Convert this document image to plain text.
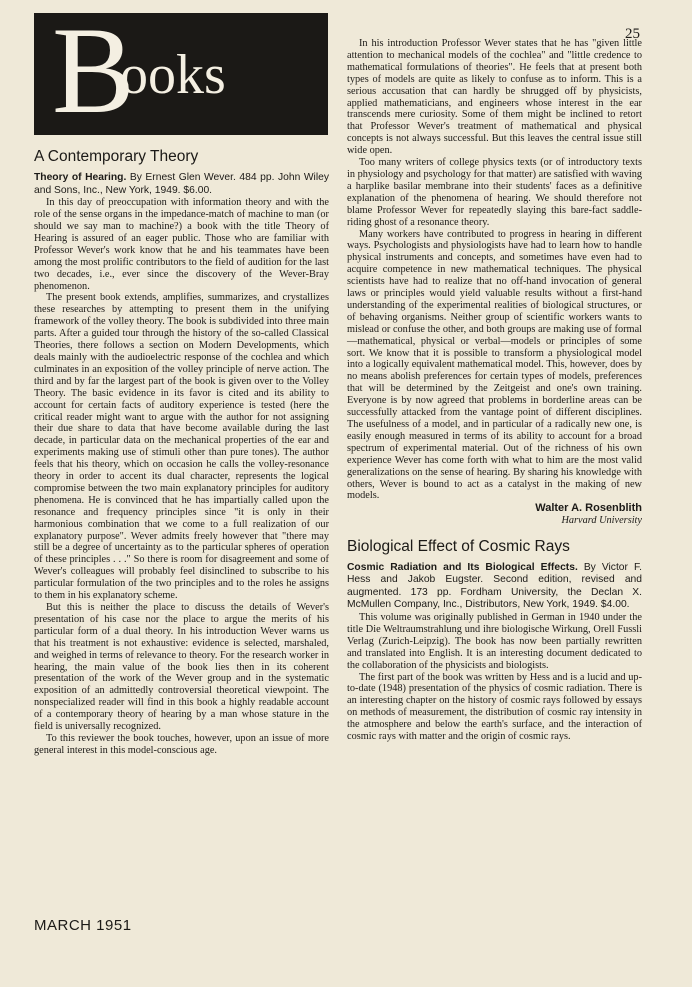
B
ooks
25
A Contemporary Theory

Theory of Hearing. By Ernest Glen Wever. 484 pp. John Wiley and Sons, Inc., New York, 1949. $6.00.

In this day of preoccupation with information theory and with the role of the sense organs in the impedance-match of machine to man (or should we say man to machine?) a book with the title Theory of Hearing is assured of an eager public. Those who are familiar with Professor Wever's work know that he and his teammates have been among the most prolific contributors to the field of audition for the last two decades, i.e., ever since the discovery of the Wever-Bray phenomenon.

The present book extends, amplifies, summarizes, and crystallizes these researches by attempting to present them in the unifying framework of the volley theory. The book is subdivided into three main parts. After a guided tour through the history of the so-called Classical Theories, there follows a section on Modern Developments, which deals mainly with the audioelectric response of the cochlea and which culminates in an exposition of the volley principle of nerve action. The third and by far the largest part of the book is given over to the Volley Theory. The basic evidence in its favor is cited and its ability to account for certain facts of auditory experience is tested (here the critical reader might want to argue with the author for not assigning their due share to data that have become available during the last decade, in particular data on the mechanical properties of the ear and experiments making use of stimuli other than pure tones). The author feels that his theory, which on occasion he calls the volley-resonance theory in order to accent its dual character, represents the logical compromise between the two main explanatory principles for auditory phenomena. He is convinced that he has impartially called upon the resonance and frequency principles since "it is only in their harmonious combination that we come to a full realization of our explanatory purpose". Wever admits freely however that "there may still be a degree of uncertainty as to the particular spheres of operation of these principles . . ." So there is room for disagreement and some of Wever's colleagues will probably feel disinclined to subscribe to his particular formulation of the two principles and to the roles he assigns to them in his explanatory scheme.

But this is neither the place to discuss the details of Wever's presentation of his case nor the place to argue the merits of his particular form of a dual theory. In his introduction Wever warns us that his treatment is not exhaustive: evidence is selected, marshaled, and weighed in terms of relevance to theory. For the research worker in hearing, the main value of the book lies then in its coherent presentation of the work of the Wever group and in the systematic exposition of an admittedly controversial theoretical viewpoint. The nonspecialized reader will find in this book a highly readable account of a contemporary theory of hearing by a man whose stature in the field is universally recognized.

To this reviewer the book touches, however, upon an issue of more general interest in this model-conscious age.

In his introduction Professor Wever states that he has "given little attention to mechanical models of the cochlea" and "little credence to mathematical formulations of theories". He feels that at present both types of models are quite as likely to confuse as to inform. This is a serious accusation that can hardly be shrugged off by physicists, applied mathematicians, and engineers whose interest in the ear transcends mere curiosity. Some of them might be inclined to retort that Professor Wever's treatment of mathematical and physical concepts is not always successful. But this leaves the central issue still wide open.

Too many writers of college physics texts (or of introductory texts in physiology and psychology for that matter) are satisfied with waving a harplike basilar membrane into their students' faces as a definitive explanation of the phenomena of hearing. We should therefore not blame Professor Wever for repeatedly slaying this bare-fact saddle-riding ghost of a resonance theory.

Many workers have contributed to progress in hearing in different ways. Psychologists and physiologists have had to learn how to handle physical instruments and concepts, and sometimes have even had to acquire competence in new mathematical techniques. The physical scientists have had to realize that no off-hand invocation of general laws or principles would yield valuable results without a first-hand understanding of the experimental realities of biological structures, or of behaving organisms. Neither group of scientific workers wants to mislead or confuse the other, and both groups are making use of formal—mathematical, physical or verbal—models or principles of some sort. We know that it is possible to transform a physiological model into a logically equivalent mathematical model. This, however, does by no means abolish preferences for certain types of models, preferences that will be determined by the Zeitgeist and one's own training. Everyone is by now agreed that problems in borderline areas can be successfully attacked from the vantage point of different disciplines. The usefulness of a model, and in particular of a radically new one, is easily enough measured in terms of its ability to account for a broad spectrum of experimental material. Out of the richness of his own experience Wever has come forth with what to him are the most valid generalizations on the sense of hearing. By sharing his knowledge with others, Wever is bound to act as a catalyst in the making of new models.

Walter A. Rosenblith

Harvard University

Biological Effect of Cosmic Rays

Cosmic Radiation and Its Biological Effects. By Victor F. Hess and Jakob Eugster. Second edition, revised and augmented. 173 pp. Fordham University, the Declan X. McMullen Company, Inc., Distributors, New York, 1949. $4.00.

This volume was originally published in German in 1940 under the title Die Weltraumstrahlung und ihre biologische Wirkung, Orell Fussli Verlag (Zurich-Leipzig). The book has now been partially rewritten and translated into English. It is an interesting document dedicated to the collaboration of the physicists and biologists.

The first part of the book was written by Hess and is a lucid and up-to-date (1948) presentation of the physics of cosmic radiation. There is an interesting chapter on the history of cosmic rays followed by essays on methods of measurement, the distribution of cosmic ray intensity in the atmosphere and below the earth's surface, and the interaction of cosmic rays with matter and the origin of cosmic rays.

MARCH 1951
